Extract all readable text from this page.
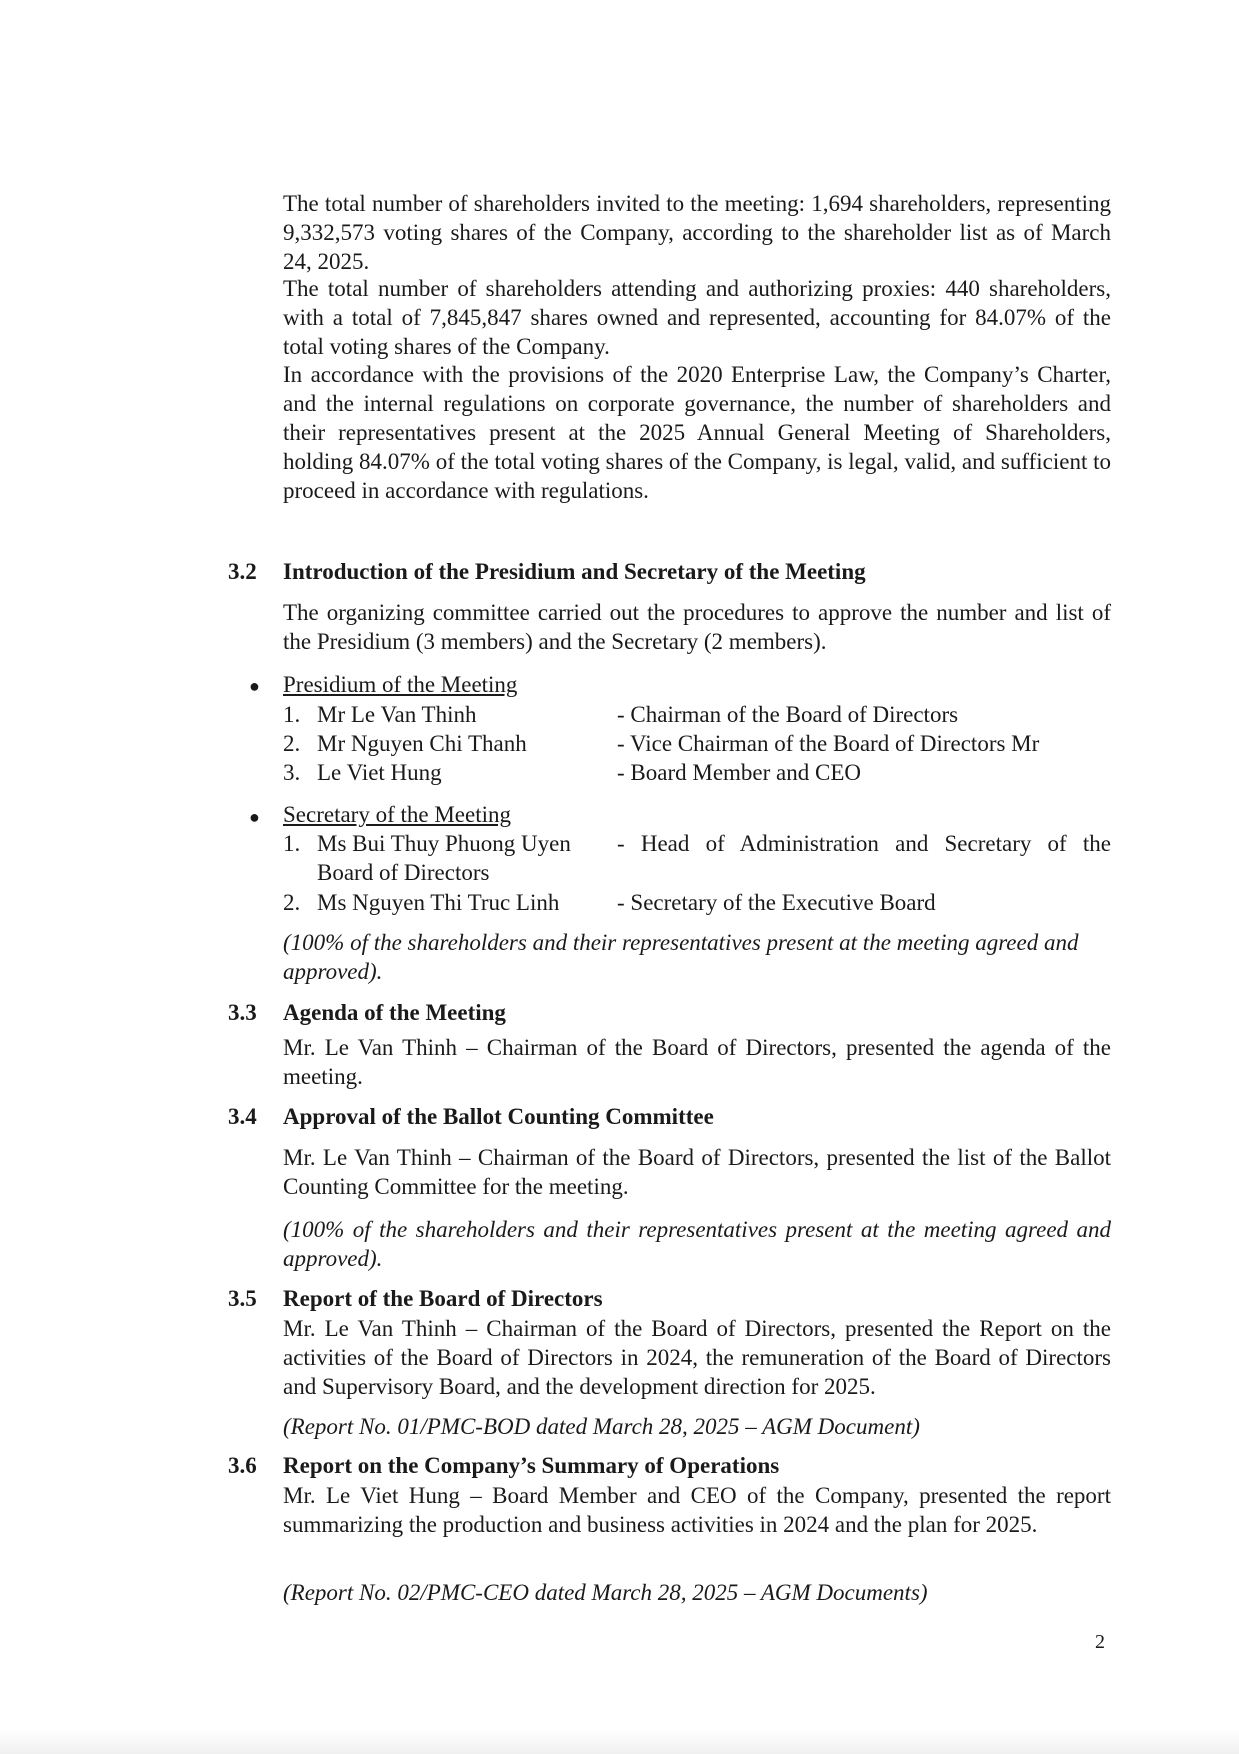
The total number of shareholders invited to the meeting: 1,694 shareholders, representing 9,332,573 voting shares of the Company, according to the shareholder list as of March 24, 2025.

The total number of shareholders attending and authorizing proxies: 440 shareholders, with a total of 7,845,847 shares owned and represented, accounting for 84.07% of the total voting shares of the Company.

In accordance with the provisions of the 2020 Enterprise Law, the Company’s Charter, and the internal regulations on corporate governance, the number of shareholders and their representatives present at the 2025 Annual General Meeting of Shareholders, holding 84.07% of the total voting shares of the Company, is legal, valid, and sufficient to proceed in accordance with regulations.

3.2 Introduction of the Presidium and Secretary of the Meeting

The organizing committee carried out the procedures to approve the number and list of the Presidium (3 members) and the Secretary (2 members).

● Presidium of the Meeting
1. Mr Le Van Thinh	- Chairman of the Board of Directors
2. Mr Nguyen Chi Thanh	- Vice Chairman of the Board of Directors Mr
3. Le Viet Hung	- Board Member and CEO
● Secretary of the Meeting
1. Ms Bui Thuy Phuong Uyen - Head of Administration and Secretary of the
Board of Directors
2. Ms Nguyen Thi Truc Linh	- Secretary of the Executive Board

(100% of the shareholders and their representatives present at the meeting agreed and approved).

3.3 Agenda of the Meeting

Mr. Le Van Thinh – Chairman of the Board of Directors, presented the agenda of the meeting.

3.4 Approval of the Ballot Counting Committee

Mr. Le Van Thinh – Chairman of the Board of Directors, presented the list of the Ballot Counting Committee for the meeting.

(100% of the shareholders and their representatives present at the meeting agreed and approved).

3.5 Report of the Board of Directors

Mr. Le Van Thinh – Chairman of the Board of Directors, presented the Report on the activities of the Board of Directors in 2024, the remuneration of the Board of Directors and Supervisory Board, and the development direction for 2025.

(Report No. 01/PMC-BOD dated March 28, 2025 – AGM Document)

3.6 Report on the Company’s Summary of Operations

Mr. Le Viet Hung – Board Member and CEO of the Company, presented the report summarizing the production and business activities in 2024 and the plan for 2025.

(Report No. 02/PMC-CEO dated March 28, 2025 – AGM Documents)

2
